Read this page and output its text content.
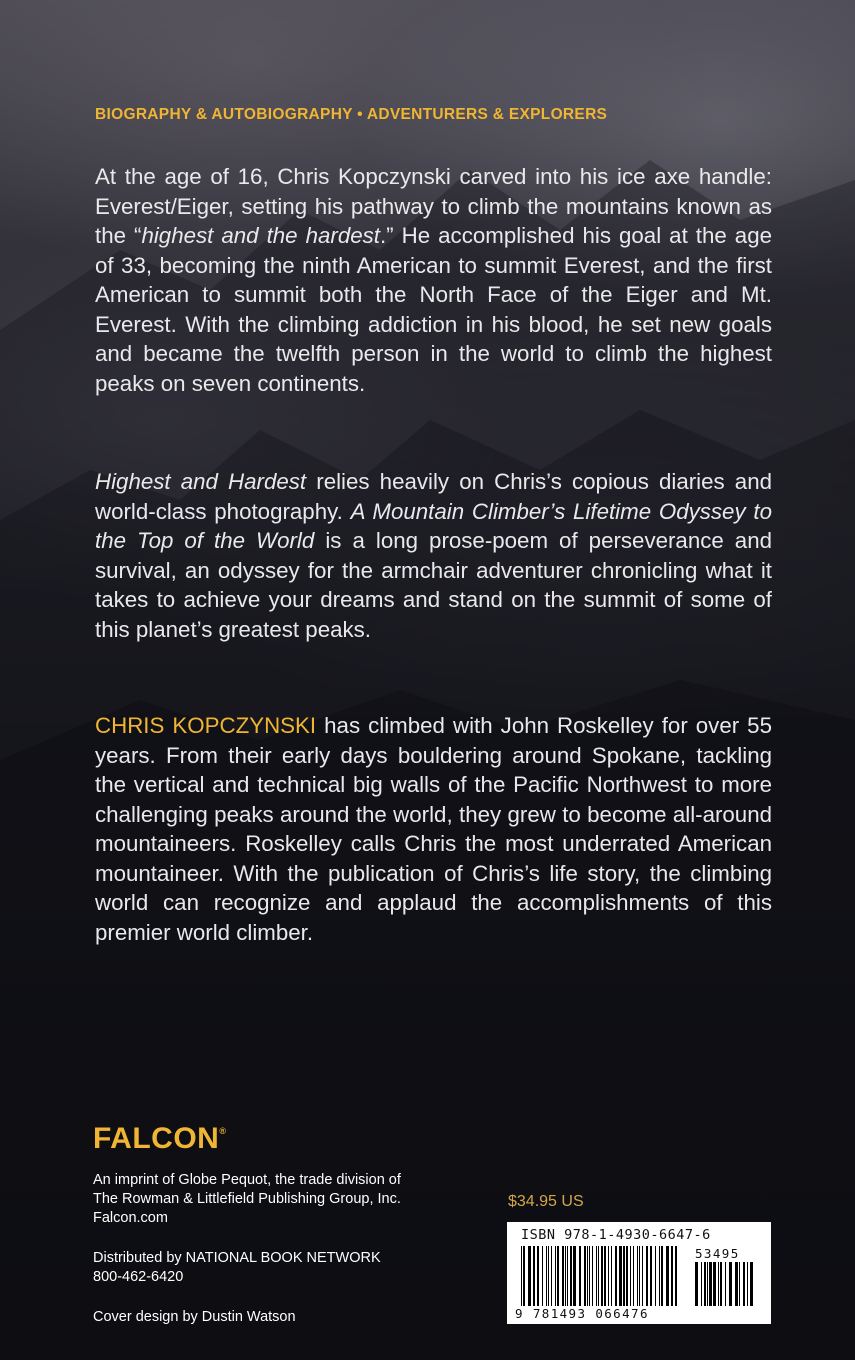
BIOGRAPHY & AUTOBIOGRAPHY • ADVENTURERS & EXPLORERS

At the age of 16, Chris Kopczynski carved into his ice axe handle: Everest/Eiger, setting his pathway to climb the mountains known as the “highest and the hardest.” He accomplished his goal at the age of 33, becoming the ninth American to summit Everest, and the first American to summit both the North Face of the Eiger and Mt. Everest. With the climbing addiction in his blood, he set new goals and became the twelfth person in the world to climb the highest peaks on seven continents.

Highest and Hardest relies heavily on Chris’s copious diaries and world-class photography. A Mountain Climber’s Lifetime Odyssey to the Top of the World is a long prose-poem of perseverance and survival, an odyssey for the armchair adventurer chronicling what it takes to achieve your dreams and stand on the summit of some of this planet’s greatest peaks.

CHRIS KOPCZYNSKI has climbed with John Roskelley for over 55 years. From their early days bouldering around Spokane, tackling the vertical and technical big walls of the Pacific Northwest to more challenging peaks around the world, they grew to become all-around mountaineers. Roskelley calls Chris the most underrated American mountaineer. With the publication of Chris’s life story, the climbing world can recognize and applaud the accomplishments of this premier world climber.

FALCON®
An imprint of Globe Pequot, the trade division of
The Rowman & Littlefield Publishing Group, Inc.
Falcon.com
Distributed by NATIONAL BOOK NETWORK
800-462-6420
Cover design by Dustin Watson
$34.95 US
ISBN 978-1-4930-6647-6
53495
9 781493 066476
